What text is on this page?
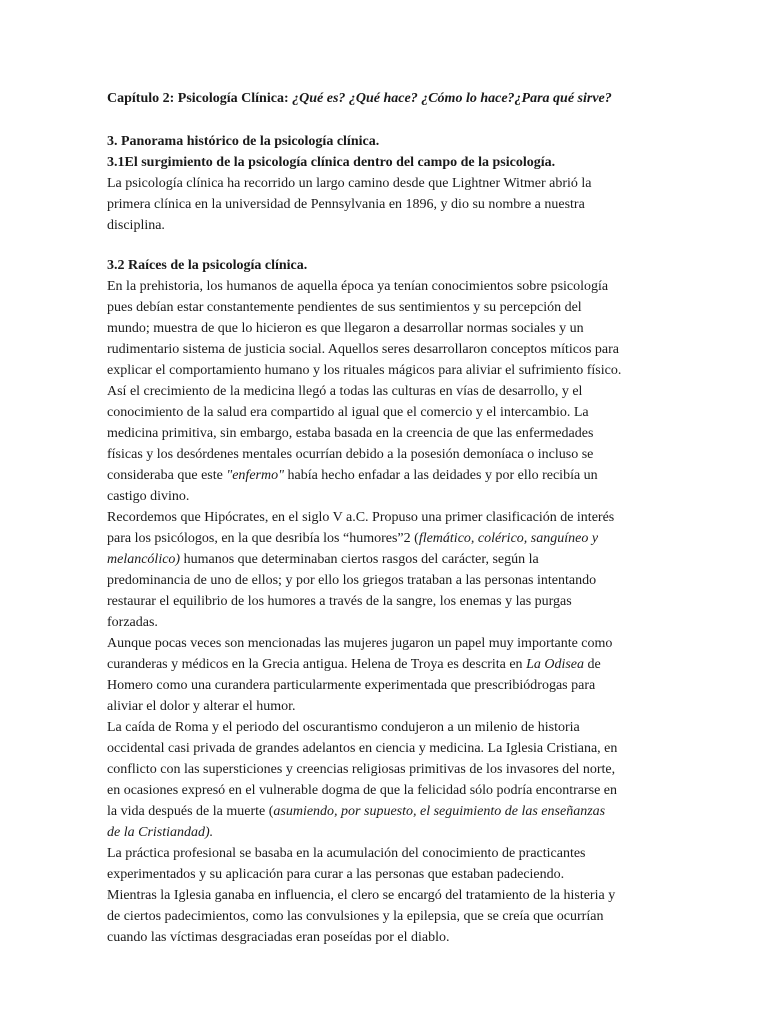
Capítulo 2: Psicología Clínica: ¿Qué es? ¿Qué hace? ¿Cómo lo hace?¿Para qué sirve?
3. Panorama histórico de la psicología clínica.
3.1El surgimiento de la psicología clínica dentro del campo de la psicología.
La psicología clínica ha recorrido un largo camino desde que Lightner Witmer abrió la
primera clínica en la universidad de Pennsylvania en 1896, y dio su nombre a nuestra
disciplina.
3.2 Raíces de la psicología clínica.
En la prehistoria, los humanos de aquella época ya tenían conocimientos sobre psicología
pues debían estar constantemente pendientes de sus sentimientos y su percepción del
mundo; muestra de que lo hicieron es que llegaron a desarrollar normas sociales y un
rudimentario sistema de justicia social. Aquellos seres desarrollaron conceptos míticos para
explicar el comportamiento humano y los rituales mágicos para aliviar el sufrimiento físico.
Así el crecimiento de la medicina llegó a todas las culturas en vías de desarrollo, y el
conocimiento de la salud era compartido al igual que el comercio y el intercambio. La
medicina primitiva, sin embargo, estaba basada en la creencia de que las enfermedades
físicas y los desórdenes mentales ocurrían debido a la posesión demoníaca o incluso se
consideraba que este "enfermo" había hecho enfadar a las deidades y por ello recibía un
castigo divino.
Recordemos que Hipócrates, en el siglo V a.C. Propuso una primer clasificación de interés
para los psicólogos, en la que desribía los “humores”2 (flemático, colérico, sanguíneo y
melancólico) humanos que determinaban ciertos rasgos del carácter, según la
predominancia de uno de ellos; y por ello los griegos trataban a las personas intentando
restaurar el equilibrio de los humores a través de la sangre, los enemas y las purgas
forzadas.
Aunque pocas veces son mencionadas las mujeres jugaron un papel muy importante como
curanderas y médicos en la Grecia antigua. Helena de Troya es descrita en La Odisea de
Homero como una curandera particularmente experimentada que prescribiódrogas para
aliviar el dolor y alterar el humor.
La caída de Roma y el periodo del oscurantismo condujeron a un milenio de historia
occidental casi privada de grandes adelantos en ciencia y medicina. La Iglesia Cristiana, en
conflicto con las supersticiones y creencias religiosas primitivas de los invasores del norte,
en ocasiones expresó en el vulnerable dogma de que la felicidad sólo podría encontrarse en
la vida después de la muerte (asumiendo, por supuesto, el seguimiento de las enseñanzas
de la Cristiandad).
La práctica profesional se basaba en la acumulación del conocimiento de practicantes
experimentados y su aplicación para curar a las personas que estaban padeciendo.
Mientras la Iglesia ganaba en influencia, el clero se encargó del tratamiento de la histeria y
de ciertos padecimientos, como las convulsiones y la epilepsia, que se creía que ocurrían
cuando las víctimas desgraciadas eran poseídas por el diablo.
